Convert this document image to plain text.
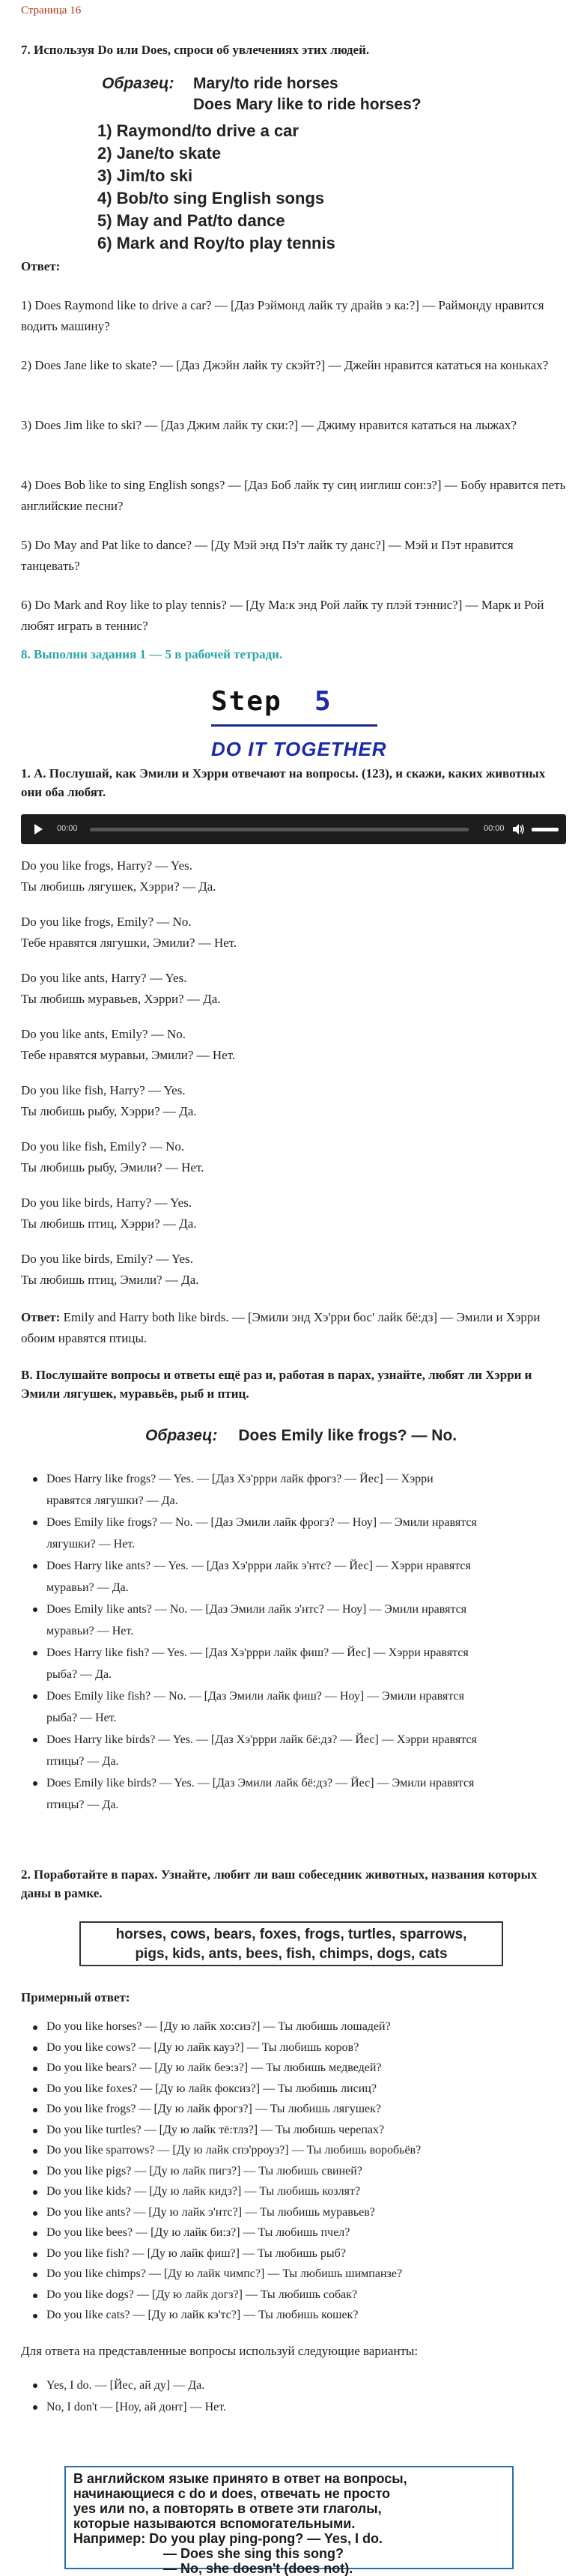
Страница 16
7. Используя Do или Does, спроси об увлечениях этих людей.
Образец: Mary/to ride horses
Does Mary like to ride horses?
1) Raymond/to drive a car
2) Jane/to skate
3) Jim/to ski
4) Bob/to sing English songs
5) May and Pat/to dance
6) Mark and Roy/to play tennis
Ответ:
1) Does Raymond like to drive a car? — [Даз Рэймонд лайк ту драйв э ка:?] — Раймонду нравится водить машину?
2) Does Jane like to skate? — [Даз Джэйн лайк ту скэйт?] — Джейн нравится кататься на коньках?
3) Does Jim like to ski? — [Даз Джим лайк ту ски:?] — Джиму нравится кататься на лыжах?
4) Does Bob like to sing English songs? — [Даз Боб лайк ту сиң ииглиш сон:з?] — Бобу нравится петь английские песни?
5) Do May and Pat like to dance? — [Ду Мэй энд Пэ'т лайк ту данс?] — Мэй и Пэт нравится танцевать?
6) Do Mark and Roy like to play tennis? — [Ду Ма:к энд Рой лайк ту плэй тэннис?] — Марк и Рой любят играть в теннис?
8. Выполни задания 1 — 5 в рабочей тетради.
Step 5
DO IT TOGETHER
1. А. Послушай, как Эмили и Хэрри отвечают на вопросы. (123), и скажи, каких животных они оба любят.
00:00	00:00
Do you like frogs, Harry? — Yes.
Ты любишь лягушек, Хэрри? — Да.
Do you like frogs, Emily? — No.
Тебе нравятся лягушки, Эмили? — Нет.
Do you like ants, Harry? — Yes.
Ты любишь муравьев, Хэрри? — Да.
Do you like ants, Emily? — No.
Тебе нравятся муравьи, Эмили? — Нет.
Do you like fish, Harry? — Yes.
Ты любишь рыбу, Хэрри? — Да.
Do you like fish, Emily? — No.
Ты любишь рыбу, Эмили? — Нет.
Do you like birds, Harry? — Yes.
Ты любишь птиц, Хэрри? — Да.
Do you like birds, Emily? — Yes.
Ты любишь птиц, Эмили? — Да.
Ответ: Emily and Harry both like birds. — [Эмили энд Хэ'рри бос' лайк бё:дз] — Эмили и Хэрри обоим нравятся птицы.
B. Послушайте вопросы и ответы ещё раз и, работая в парах, узнайте, любят ли Хэрри и Эмили лягушек, муравьёв, рыб и птиц.
Образец: Does Emily like frogs? — No.
Does Harry like frogs? — Yes. — [Даз Хэ'ррри лайк фрогз? — Йес] — Хэрри
нравятся лягушки? — Да.
Does Emily like frogs? — No. — [Даз Эмили лайк фрогз? — Ноу] — Эмили нравятся
лягушки? — Нет.
Does Harry like ants? — Yes. — [Даз Хэ'ррри лайк э'нтс? — Йес] — Хэрри нравятся
муравьи? — Да.
Does Emily like ants? — No. — [Даз Эмили лайк э'нтс? — Ноу] — Эмили нравятся
муравьи? — Нет.
Does Harry like fish? — Yes. — [Даз Хэ'ррри лайк фиш? — Йес] — Хэрри нравятся
рыба? — Да.
Does Emily like fish? — No. — [Даз Эмили лайк фиш? — Ноу] — Эмили нравятся
рыба? — Нет.
Does Harry like birds? — Yes. — [Даз Хэ'ррри лайк бё:дз? — Йес] — Хэрри нравятся
птицы? — Да.
Does Emily like birds? — Yes. — [Даз Эмили лайк бё:дз? — Йес] — Эмили нравятся
птицы? — Да.
2. Поработайте в парах. Узнайте, любит ли ваш собеседник животных, названия которых даны в рамке.
horses, cows, bears, foxes, frogs, turtles, sparrows,
pigs, kids, ants, bees, fish, chimps, dogs, cats
Примерный ответ:
Do you like horses? — [Ду ю лайк хо:сиз?] — Ты любишь лошадей?
Do you like cows? — [Ду ю лайк кауз?] — Ты любишь коров?
Do you like bears? — [Ду ю лайк беэ:з?] — Ты любишь медведей?
Do you like foxes? — [Ду ю лайк фоксиз?] — Ты любишь лисиц?
Do you like frogs? — [Ду ю лайк фрогз?] — Ты любишь лягушек?
Do you like turtles? — [Ду ю лайк тё:тлз?] — Ты любишь черепах?
Do you like sparrows? — [Ду ю лайк спэ'рроуз?] — Ты любишь воробьёв?
Do you like pigs? — [Ду ю лайк пигз?] — Ты любишь свиней?
Do you like kids? — [Ду ю лайк кидз?] — Ты любишь козлят?
Do you like ants? — [Ду ю лайк э'нтс?] — Ты любишь муравьев?
Do you like bees? — [Ду ю лайк би:з?] — Ты любишь пчел?
Do you like fish? — [Ду ю лайк фиш?] — Ты любишь рыб?
Do you like chimps? — [Ду ю лайк чимпс?] — Ты любишь шимпанзе?
Do you like dogs? — [Ду ю лайк догз?] — Ты любишь собак?
Do you like cats? — [Ду ю лайк кэ'тс?] — Ты любишь кошек?
Для ответа на представленные вопросы используй следующие варианты:
Yes, I do. — [Йес, ай ду] — Да.
No, I don't — [Ноу, ай донт] — Нет.
В английском языке принято в ответ на вопросы,
начинающиеся с do и does, отвечать не просто
yes или no, а повторять в ответе эти глаголы,
которые называются вспомогательными.
Например: Do you play ping-pong? — Yes, I do.
— Does she sing this song?
— No, she doesn't (does not).
